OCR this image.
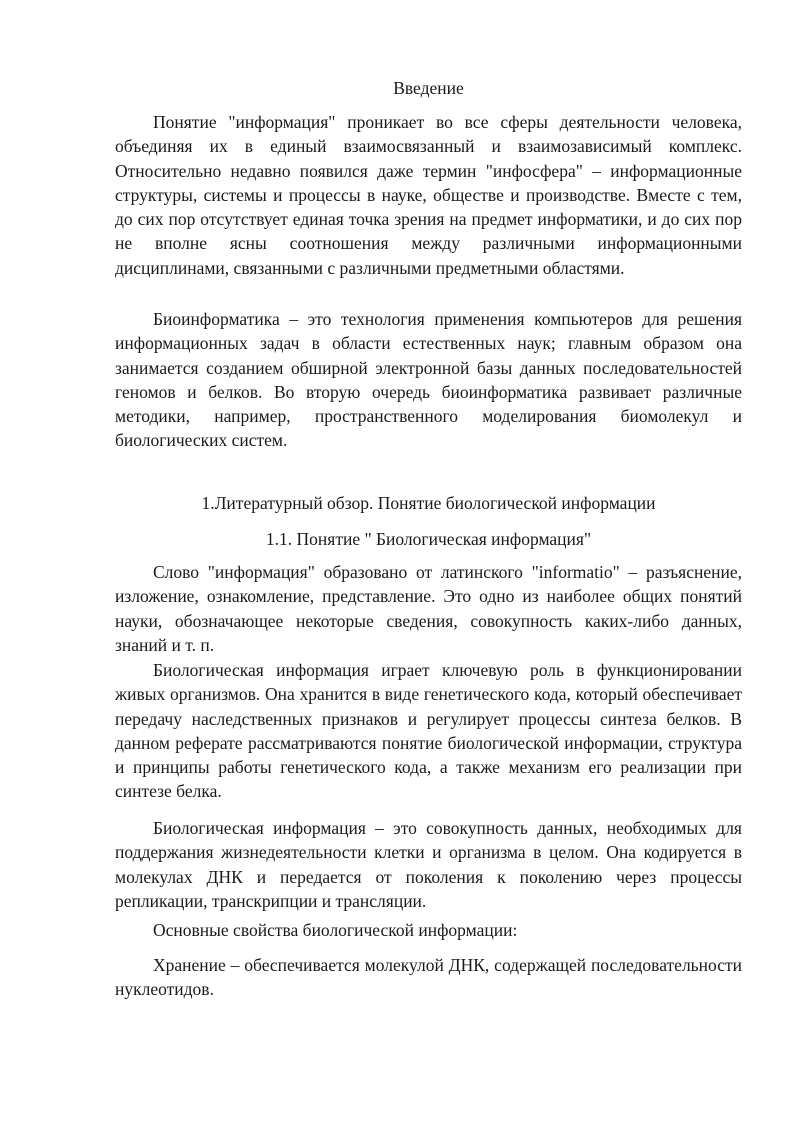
Введение

Понятие "информация" проникает во все сферы деятельности человека, объединяя их в единый взаимосвязанный и взаимозависимый комплекс. Относительно недавно появился даже термин "инфосфера" – информационные структуры, системы и процессы в науке, обществе и производстве. Вместе с тем, до сих пор отсутствует единая точка зрения на предмет информатики, и до сих пор не вполне ясны соотношения между различными информационными дисциплинами, связанными с различными предметными областями.

Биоинформатика – это технология применения компьютеров для решения информационных задач в области естественных наук; главным образом она занимается созданием обширной электронной базы данных последовательностей геномов и белков. Во вторую очередь биоинформатика развивает различные методики, например, пространственного моделирования биомолекул и биологических систем.

1.Литературный обзор. Понятие биологической информации
1.1. Понятие " Биологическая информация"

Слово "информация" образовано от латинского "informatio" – разъяснение, изложение, ознакомление, представление. Это одно из наиболее общих понятий науки, обозначающее некоторые сведения, совокупность каких-либо данных, знаний и т. п.

Биологическая информация играет ключевую роль в функционировании живых организмов. Она хранится в виде генетического кода, который обеспечивает передачу наследственных признаков и регулирует процессы синтеза белков. В данном реферате рассматриваются понятие биологической информации, структура и принципы работы генетического кода, а также механизм его реализации при синтезе белка.

Биологическая информация – это совокупность данных, необходимых для поддержания жизнедеятельности клетки и организма в целом. Она кодируется в молекулах ДНК и передается от поколения к поколению через процессы репликации, транскрипции и трансляции.

Основные свойства биологической информации:

Хранение – обеспечивается молекулой ДНК, содержащей последовательности нуклеотидов.
